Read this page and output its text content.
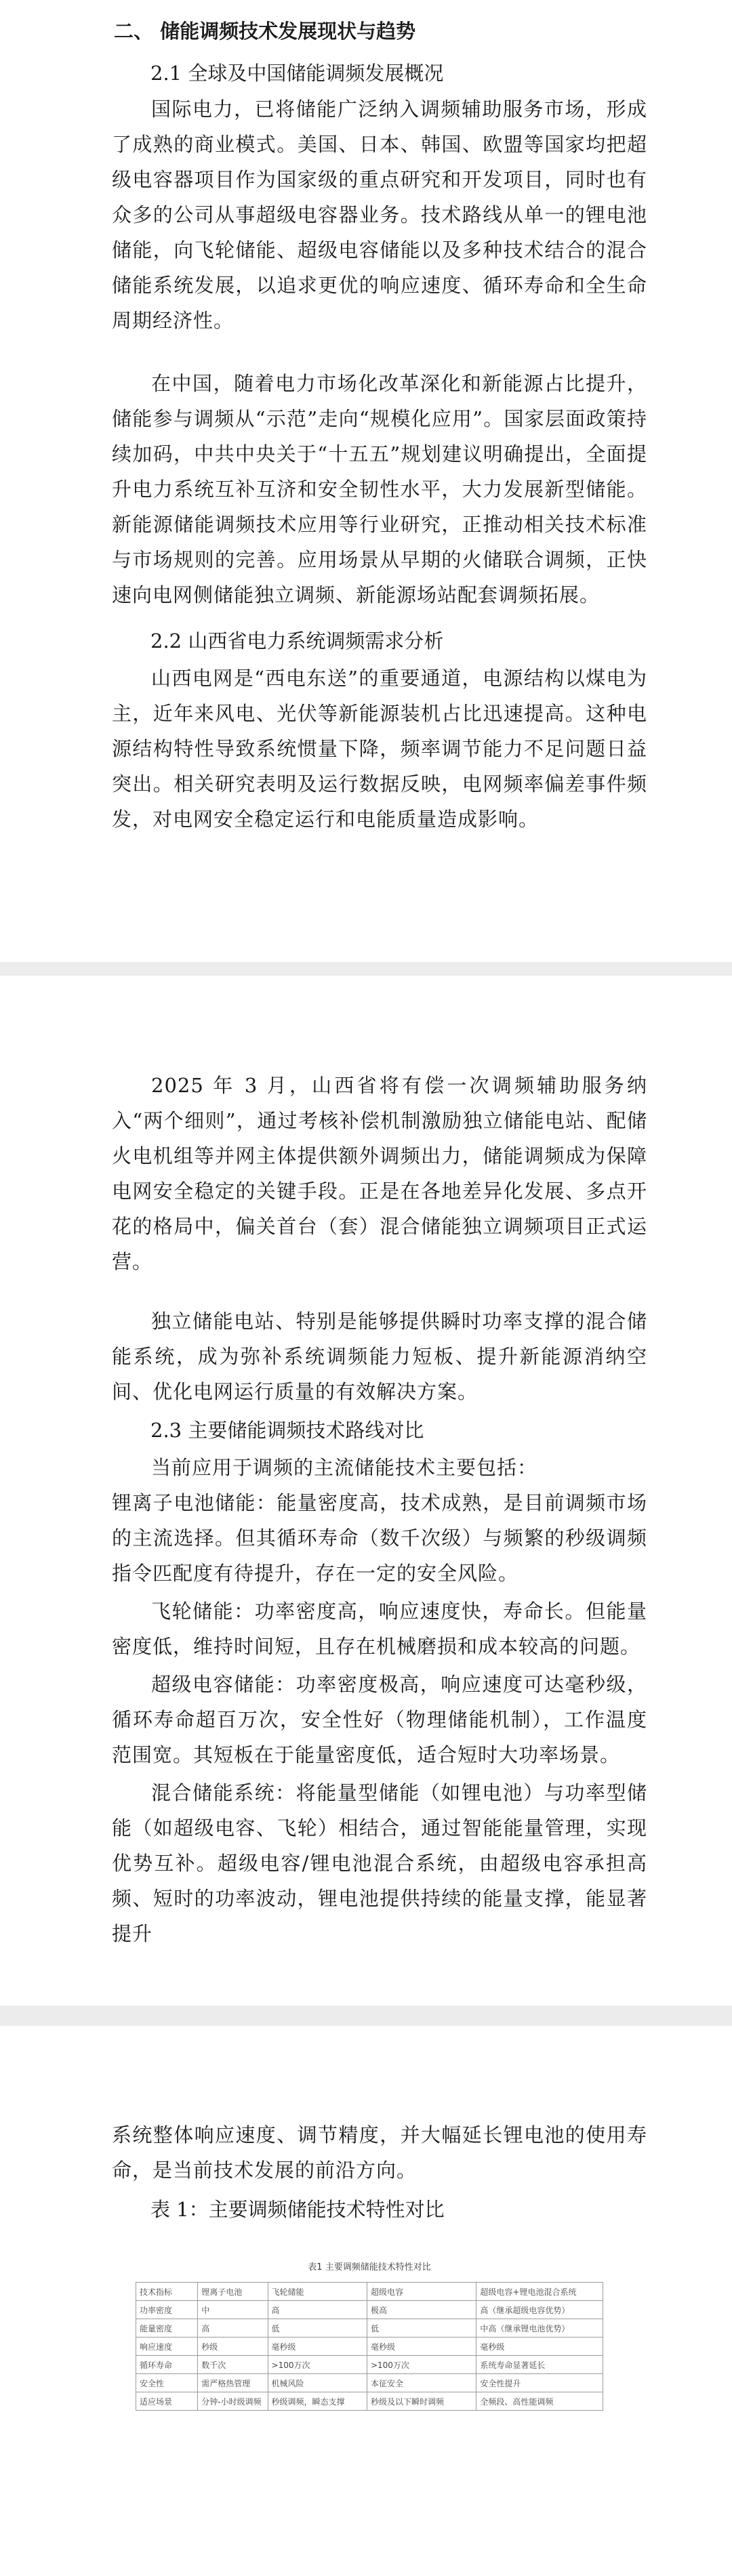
二、 储能调频技术发展现状与趋势

2.1 全球及中国储能调频发展概况

国际电力，已将储能广泛纳入调频辅助服务市场，形成了成熟的商业模式。美国、日本、韩国、欧盟等国家均把超级电容器项目作为国家级的重点研究和开发项目，同时也有众多的公司从事超级电容器业务。技术路线从单一的锂电池储能，向飞轮储能、超级电容储能以及多种技术结合的混合储能系统发展，以追求更优的响应速度、循环寿命和全生命周期经济性。

在中国，随着电力市场化改革深化和新能源占比提升，储能参与调频从“示范”走向“规模化应用”。国家层面政策持续加码，中共中央关于“十五五”规划建议明确提出，全面提升电力系统互补互济和安全韧性水平，大力发展新型储能。新能源储能调频技术应用等行业研究，正推动相关技术标准与市场规则的完善。应用场景从早期的火储联合调频，正快速向电网侧储能独立调频、新能源场站配套调频拓展。

2.2 山西省电力系统调频需求分析

山西电网是“西电东送”的重要通道，电源结构以煤电为主，近年来风电、光伏等新能源装机占比迅速提高。这种电源结构特性导致系统惯量下降，频率调节能力不足问题日益突出。相关研究表明及运行数据反映，电网频率偏差事件频发，对电网安全稳定运行和电能质量造成影响。

2025 年 3 月，山西省将有偿一次调频辅助服务纳入“两个细则”，通过考核补偿机制激励独立储能电站、配储火电机组等并网主体提供额外调频出力，储能调频成为保障电网安全稳定的关键手段。正是在各地差异化发展、多点开花的格局中，偏关首台（套）混合储能独立调频项目正式运营。

独立储能电站、特别是能够提供瞬时功率支撑的混合储能系统，成为弥补系统调频能力短板、提升新能源消纳空间、优化电网运行质量的有效解决方案。

2.3 主要储能调频技术路线对比

当前应用于调频的主流储能技术主要包括：

锂离子电池储能：能量密度高，技术成熟，是目前调频市场的主流选择。但其循环寿命（数千次级）与频繁的秒级调频指令匹配度有待提升，存在一定的安全风险。

飞轮储能：功率密度高，响应速度快，寿命长。但能量密度低，维持时间短，且存在机械磨损和成本较高的问题。

超级电容储能：功率密度极高，响应速度可达毫秒级，循环寿命超百万次，安全性好（物理储能机制），工作温度范围宽。其短板在于能量密度低，适合短时大功率场景。

混合储能系统：将能量型储能（如锂电池）与功率型储能（如超级电容、飞轮）相结合，通过智能能量管理，实现优势互补。超级电容/锂电池混合系统，由超级电容承担高频、短时的功率波动，锂电池提供持续的能量支撑，能显著提升

系统整体响应速度、调节精度，并大幅延长锂电池的使用寿命，是当前技术发展的前沿方向。

表 1：主要调频储能技术特性对比

表1 主要调频储能技术特性对比
技术指标	锂离子电池	飞轮储能	超级电容	超级电容+锂电池混合系统
功率密度	中	高	极高	高（继承超级电容优势）
能量密度	高	低	低	中高（继承锂电池优势）
响应速度	秒级	毫秒级	毫秒级	毫秒级
循环寿命	数千次	>100万次	>100万次	系统寿命显著延长
安全性	需严格热管理	机械风险	本征安全	安全性提升
适应场景	分钟-小时级调频	秒级调频，瞬态支撑	秒级及以下瞬时调频	全频段、高性能调频
